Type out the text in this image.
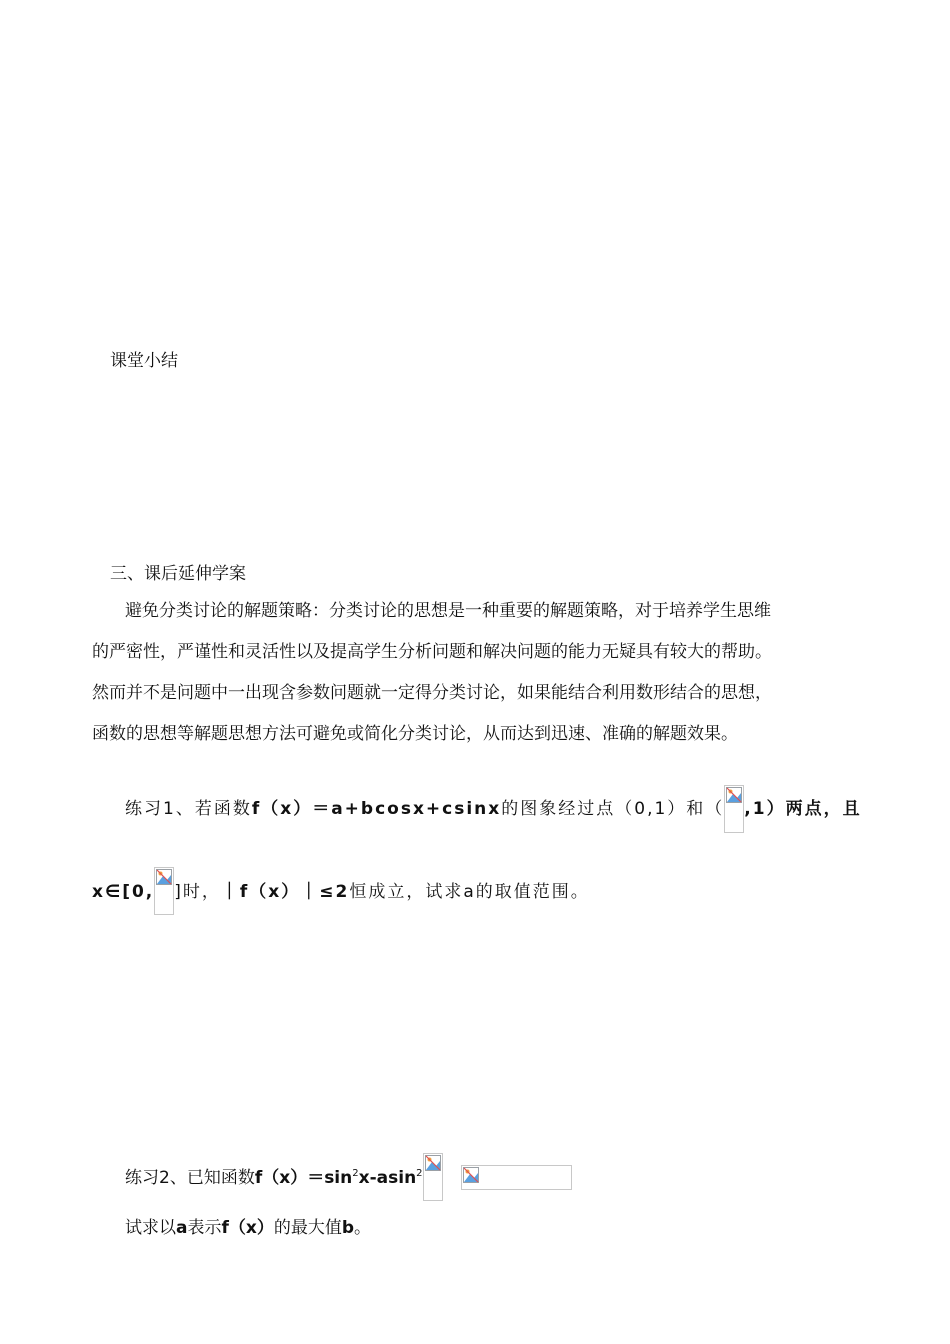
课堂小结
三、课后延伸学案
避免分类讨论的解题策略：分类讨论的思想是一种重要的解题策略，对于培养学生思维
的严密性，严谨性和灵活性以及提高学生分析问题和解决问题的能力无疑具有较大的帮助。
然而并不是问题中一出现含参数问题就一定得分类讨论，如果能结合利用数形结合的思想，
函数的思想等解题思想方法可避免或简化分类讨论，从而达到迅速、准确的解题效果。
练习1、若函数f（x）＝a+bcosx+csinx的图象经过点（0,1）和（ ,1）两点，且
x∈[0, ]时，｜f（x）｜≤2恒成立，试求a的取值范围。
练习2、已知函数$f(x)=\sin^2x-asin^2$
试求以a表示f（x）的最大值b。
